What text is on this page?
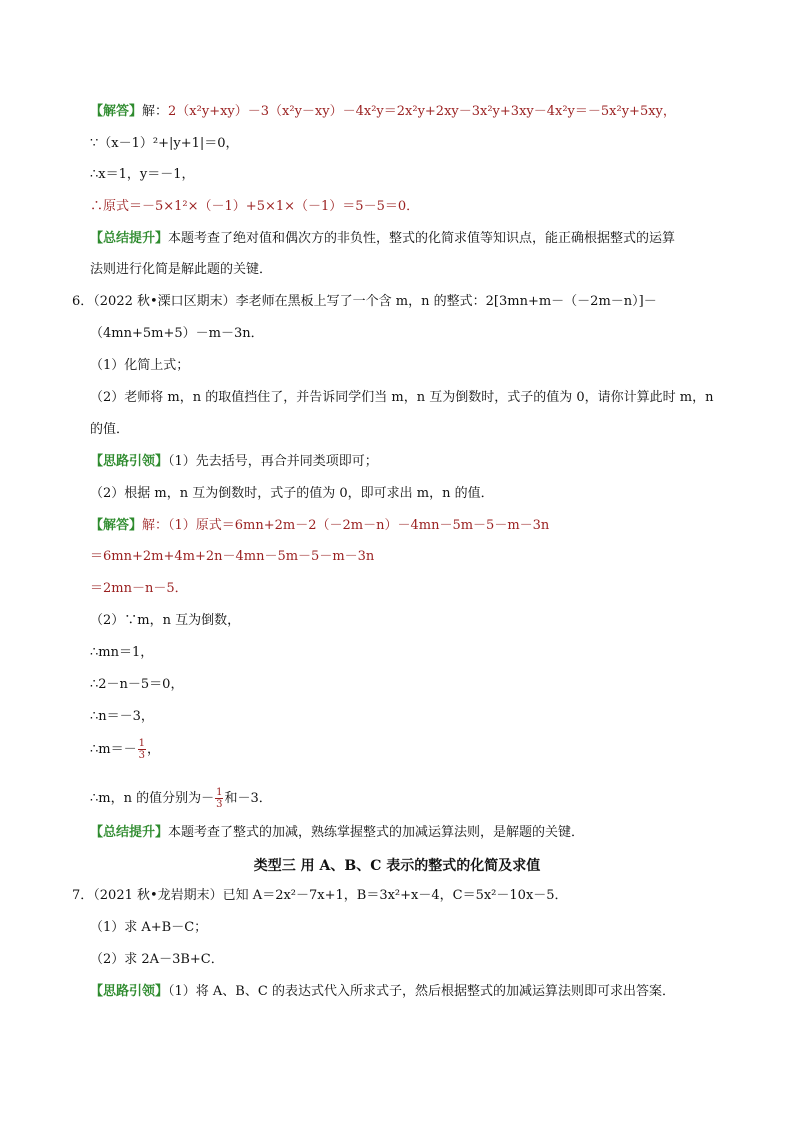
【解答】解：2（x²y+xy）－3（x²y－xy）－4x²y＝2x²y+2xy－3x²y+3xy－4x²y＝－5x²y+5xy，
∵（x－1）²+|y+1|＝0，
∴x＝1，y＝－1，
∴原式＝－5×1²×（－1）+5×1×（－1）＝5－5＝0．
【总结提升】本题考查了绝对值和偶次方的非负性，整式的化简求值等知识点，能正确根据整式的运算
法则进行化简是解此题的关键．
6．（2022 秋•溧口区期末）李老师在黑板上写了一个含 m，n 的整式：2[3mn+m－（－2m－n）]－
（4mn+5m+5）－m－3n．
（1）化简上式；
（2）老师将 m，n 的取值挡住了，并告诉同学们当 m，n 互为倒数时，式子的值为 0，请你计算此时 m，n
的值．
【思路引领】（1）先去括号，再合并同类项即可；
（2）根据 m，n 互为倒数时，式子的值为 0，即可求出 m，n 的值．
【解答】解：（1）原式＝6mn+2m－2（－2m－n）－4mn－5m－5－m－3n
＝6mn+2m+4m+2n－4mn－5m－5－m－3n
＝2mn－n－5．
（2）∵m，n 互为倒数，
∴mn＝1，
∴2－n－5＝0，
∴n＝－3，
∴m＝－ $\frac{1}{3}$ ，
∴m，n 的值分别为－ $\frac{1}{3}$ 和－3．
【总结提升】本题考查了整式的加减，熟练掌握整式的加减运算法则，是解题的关键．
类型三 用 A、B、C 表示的整式的化简及求值
7．（2021 秋•龙岩期末）已知 A＝2x²－7x+1，B＝3x²+x－4，C＝5x²－10x－5．
（1）求 A+B－C；
（2）求 2A－3B+C．
【思路引领】（1）将 A、B、C 的表达式代入所求式子，然后根据整式的加减运算法则即可求出答案．
